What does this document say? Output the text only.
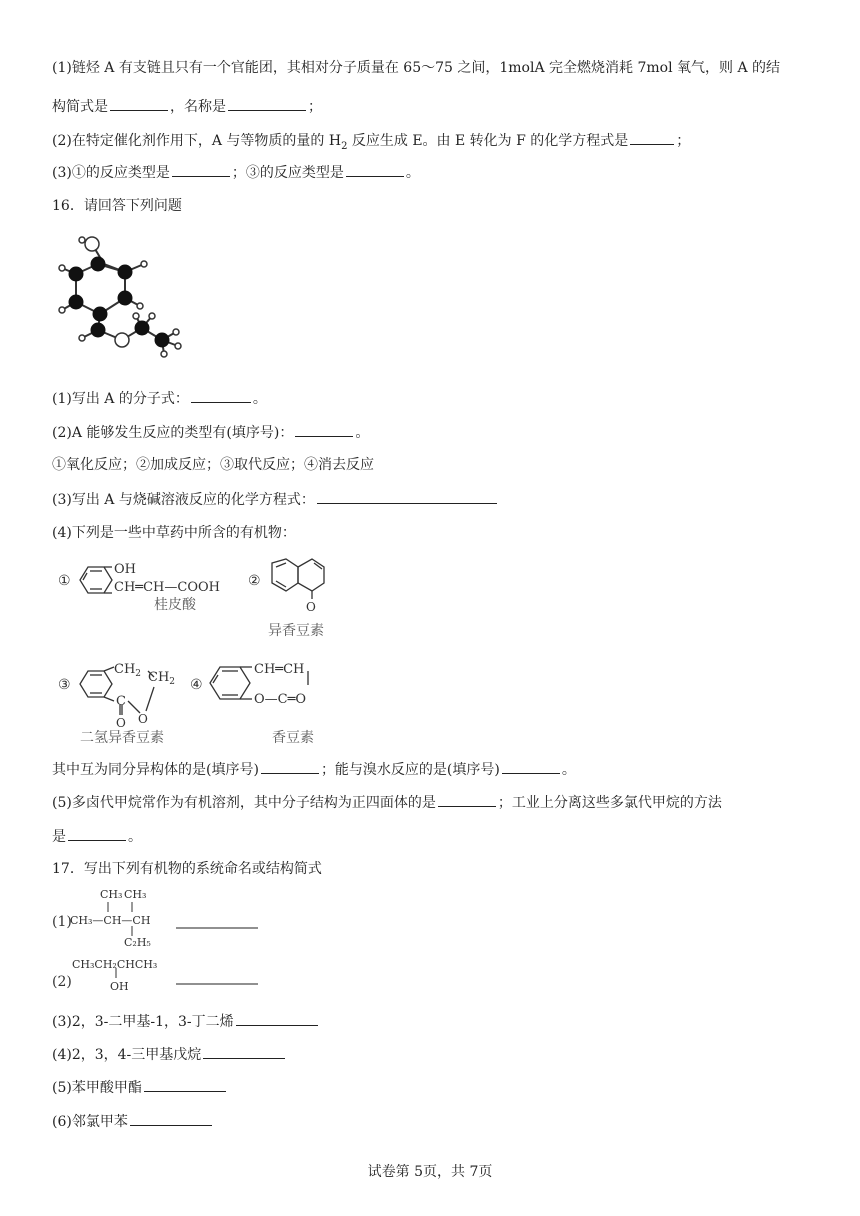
(1)链烃 A 有支链且只有一个官能团，其相对分子质量在 65～75 之间，1molA 完全燃烧消耗 7mol 氧气，则 A 的结
构简式是	，名称是	；
(2)在特定催化剂作用下，A 与等物质的量的 $H_2$ 反应生成 E。由 E 转化为 F 的化学方程式是	；
(3)①的反应类型是	；③的反应类型是	。
16．请回答下列问题
(1)写出 A 的分子式：	。
(2)A 能够发生反应的类型有(填序号)：	。
①氧化反应；②加成反应；③取代反应；④消去反应
(3)写出 A 与烧碱溶液反应的化学方程式：
(4)下列是一些中草药中所含的有机物：
①
OH
CH═CH—COOH
桂皮酸
②
O
异香豆素
③
$CH_2$ $CH_2$
C
O O
二氢异香豆素
④
CH═CH
O—C═O
香豆素
其中互为同分异构体的是(填序号)	；能与溴水反应的是(填序号)	。
(5)多卤代甲烷常作为有机溶剂，其中分子结构为正四面体的是	；工业上分离这些多氯代甲烷的方法
是	。
17．写出下列有机物的系统命名或结构简式
(1)
CH₃ CH₃
CH₃—CH—CH
C₂H₅
(2)
CH₃CH₂CHCH₃
OH
(3)2，3-二甲基-1，3-丁二烯
(4)2，3，4-三甲基戊烷
(5)苯甲酸甲酯
(6)邻氯甲苯
试卷第 5页，共 7页
